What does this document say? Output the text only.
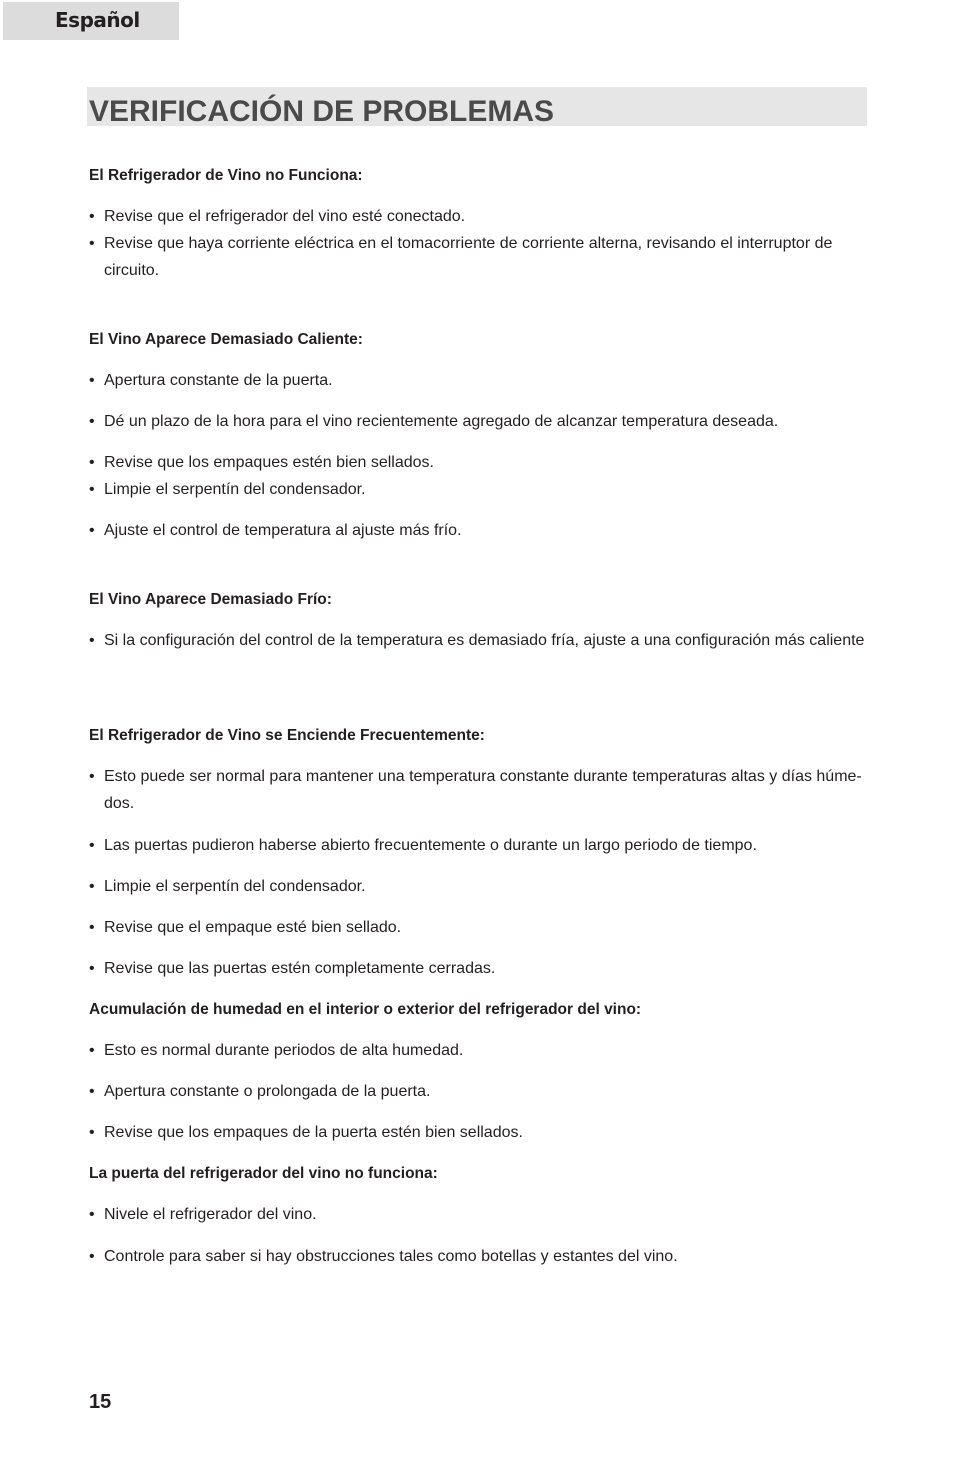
Español
VERIFICACIÓN DE PROBLEMAS
El Refrigerador de Vino no Funciona:

• Revise que el refrigerador del vino esté conectado.

• Revise que haya corriente eléctrica en el tomacorriente de corriente alterna, revisando el interruptor de circuito.

El Vino Aparece Demasiado Caliente:

• Apertura constante de la puerta.

• Dé un plazo de la hora para el vino recientemente agregado de alcanzar temperatura deseada.

• Revise que los empaques estén bien sellados.

• Limpie el serpentín del condensador.

• Ajuste el control de temperatura al ajuste más frío.

El Vino Aparece Demasiado Frío:

• Si la configuración del control de la temperatura es demasiado fría, ajuste a una configuración más caliente

El Refrigerador de Vino se Enciende Frecuentemente:

• Esto puede ser normal para mantener una temperatura constante durante temperaturas altas y días húme-dos.

• Las puertas pudieron haberse abierto frecuentemente o durante un largo periodo de tiempo.

• Limpie el serpentín del condensador.

• Revise que el empaque esté bien sellado.

• Revise que las puertas estén completamente cerradas.

Acumulación de humedad en el interior o exterior del refrigerador del vino:

• Esto es normal durante periodos de alta humedad.

• Apertura constante o prolongada de la puerta.

• Revise que los empaques de la puerta estén bien sellados.

La puerta del refrigerador del vino no funciona:

• Nivele el refrigerador del vino.

• Controle para saber si hay obstrucciones tales como botellas y estantes del vino.

15
